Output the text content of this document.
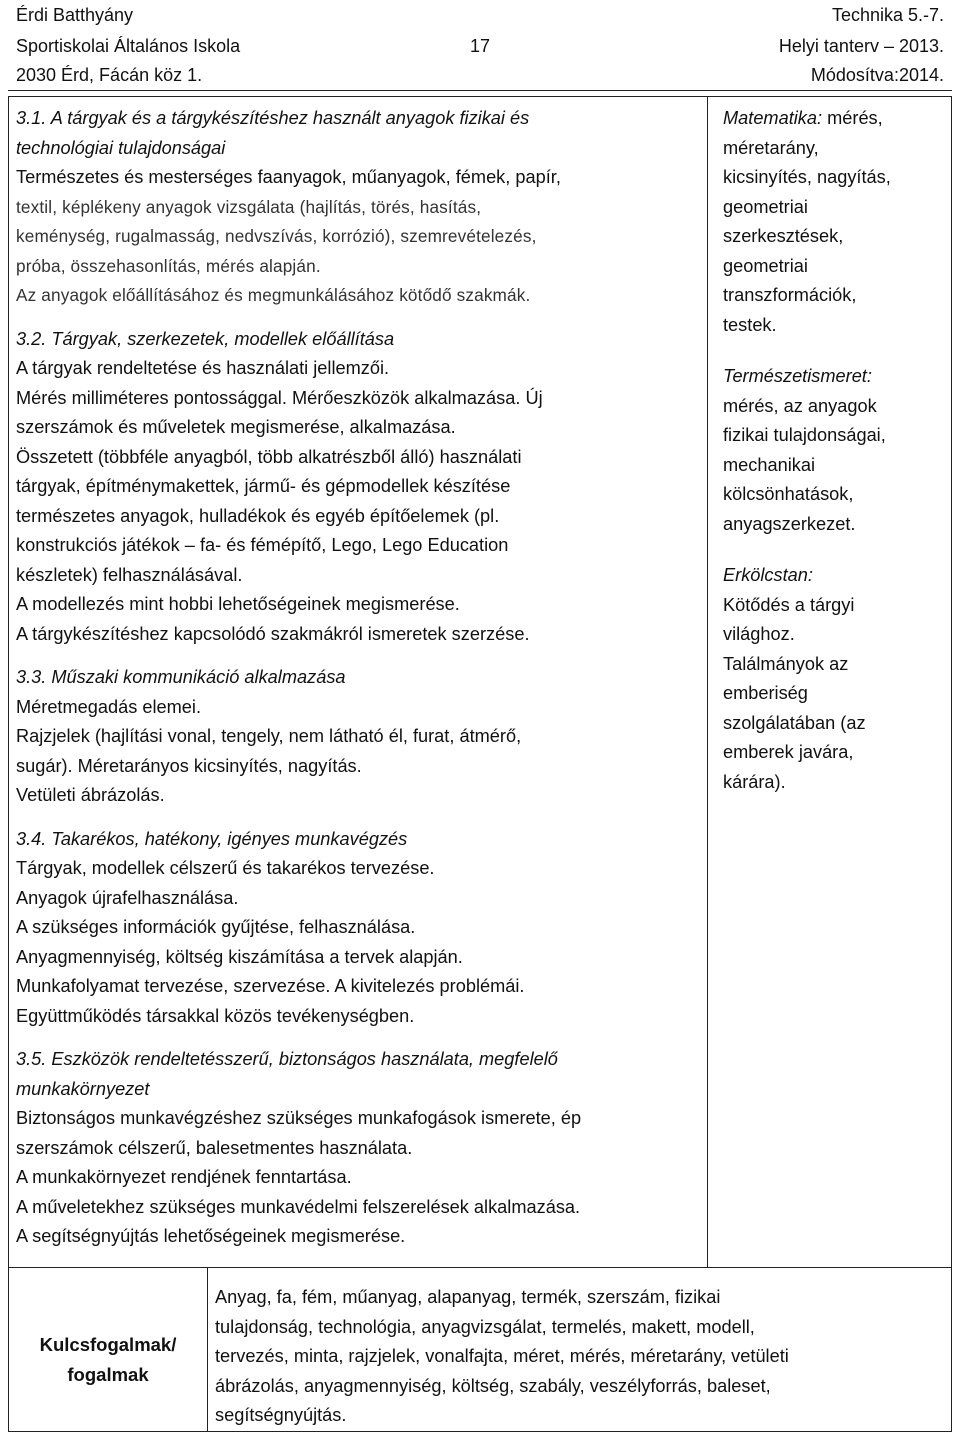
Érdi Batthyány
Sportiskolai Általános Iskola
2030 Érd, Fácán köz 1.
17
Technika 5.-7.
Helyi tanterv – 2013.
Módosítva:2014.
3.1. A tárgyak és a tárgykészítéshez használt anyagok fizikai és
technológiai tulajdonságai
Természetes és mesterséges faanyagok, műanyagok, fémek, papír,
textil, képlékeny anyagok vizsgálata (hajlítás, törés, hasítás,
keménység, rugalmasság, nedvszívás, korrózió), szemrevételezés,
próba, összehasonlítás, mérés alapján.
Az anyagok előállításához és megmunkálásához kötődő szakmák.
3.2. Tárgyak, szerkezetek, modellek előállítása
A tárgyak rendeltetése és használati jellemzői.
Mérés milliméteres pontossággal. Mérőeszközök alkalmazása. Új
szerszámok és műveletek megismerése, alkalmazása.
Összetett (többféle anyagból, több alkatrészből álló) használati
tárgyak, építménymakettek, jármű- és gépmodellek készítése
természetes anyagok, hulladékok és egyéb építőelemek (pl.
konstrukciós játékok – fa- és fémépítő, Lego, Lego Education
készletek) felhasználásával.
A modellezés mint hobbi lehetőségeinek megismerése.
A tárgykészítéshez kapcsolódó szakmákról ismeretek szerzése.
3.3. Műszaki kommunikáció alkalmazása
Méretmegadás elemei.
Rajzjelek (hajlítási vonal, tengely, nem látható él, furat, átmérő,
sugár). Méretarányos kicsinyítés, nagyítás.
Vetületi ábrázolás.
3.4. Takarékos, hatékony, igényes munkavégzés
Tárgyak, modellek célszerű és takarékos tervezése.
Anyagok újrafelhasználása.
A szükséges információk gyűjtése, felhasználása.
Anyagmennyiség, költség kiszámítása a tervek alapján.
Munkafolyamat tervezése, szervezése. A kivitelezés problémái.
Együttműködés társakkal közös tevékenységben.
3.5. Eszközök rendeltetésszerű, biztonságos használata, megfelelő
munkakörnyezet
Biztonságos munkavégzéshez szükséges munkafogások ismerete, ép
szerszámok célszerű, balesetmentes használata.
A munkakörnyezet rendjének fenntartása.
A műveletekhez szükséges munkavédelmi felszerelések alkalmazása.
A segítségnyújtás lehetőségeinek megismerése.
Matematika: mérés,
méretarány,
kicsinyítés, nagyítás,
geometriai
szerkesztések,
geometriai
transzformációk,
testek.
Természetismeret:
mérés, az anyagok
fizikai tulajdonságai,
mechanikai
kölcsönhatások,
anyagszerkezet.
Erkölcstan:
Kötődés a tárgyi
világhoz.
Találmányok az
emberiség
szolgálatában (az
emberek javára,
kárára).
Kulcsfogalmak/
fogalmak
Anyag, fa, fém, műanyag, alapanyag, termék, szerszám, fizikai
tulajdonság, technológia, anyagvizsgálat, termelés, makett, modell,
tervezés, minta, rajzjelek, vonalfajta, méret, mérés, méretarány, vetületi
ábrázolás, anyagmennyiség, költség, szabály, veszélyforrás, baleset,
segítségnyújtás.
